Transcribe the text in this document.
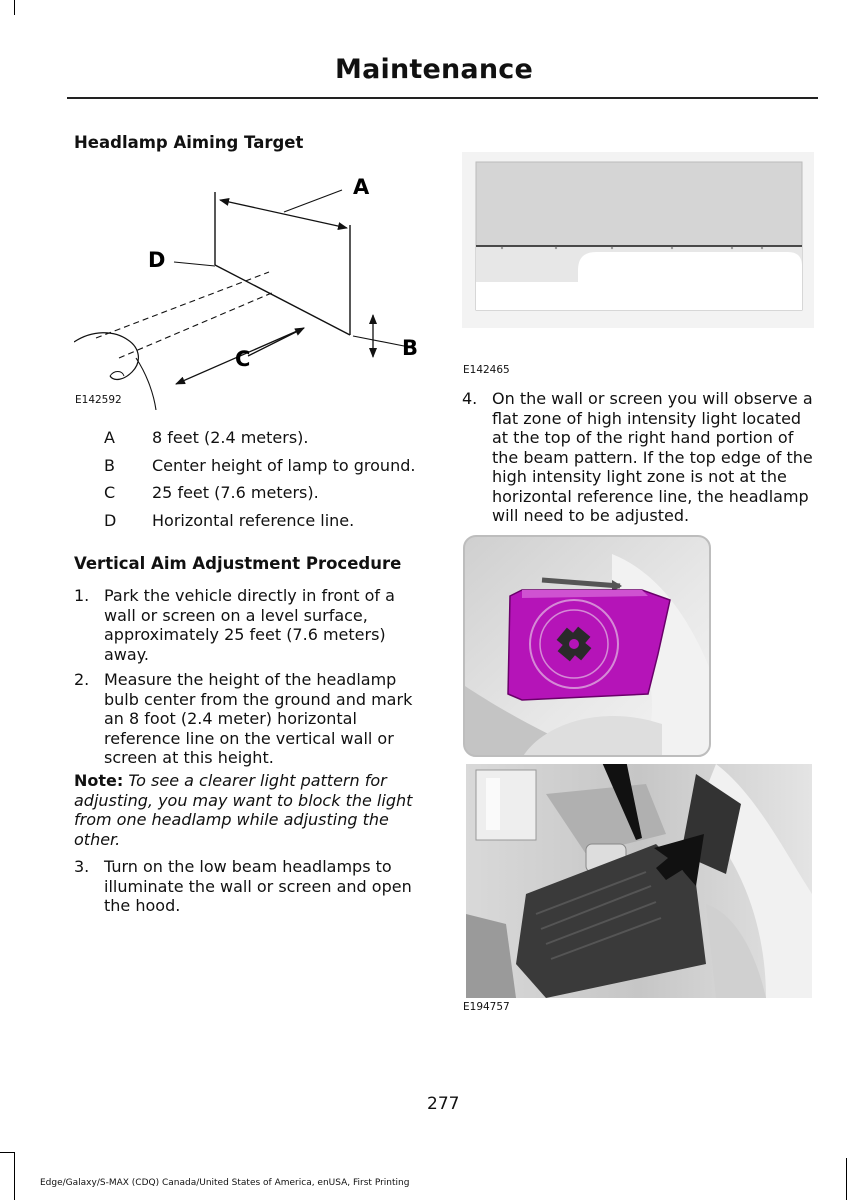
Maintenance
Headlamp Aiming Target
A
D
C	B
E142592
A	8 feet (2.4 meters).
B	Center height of lamp to ground.
C	25 feet (7.6 meters).
D	Horizontal reference line.
Vertical Aim Adjustment Procedure
1. Park the vehicle directly in front of a wall or screen on a level surface, approximately 25 feet (7.6 meters) away.
2. Measure the height of the headlamp bulb center from the ground and mark an 8 foot (2.4 meter) horizontal reference line on the vertical wall or screen at this height.
Note: To see a clearer light pattern for adjusting, you may want to block the light from one headlamp while adjusting the other.
3. Turn on the low beam headlamps to illuminate the wall or screen and open the hood.
E142465
4. On the wall or screen you will observe a flat zone of high intensity light located at the top of the right hand portion of the beam pattern. If the top edge of the high intensity light zone is not at the horizontal reference line, the headlamp will need to be adjusted.
E194757
277
Edge/Galaxy/S-MAX (CDQ) Canada/United States of America, enUSA, First Printing
